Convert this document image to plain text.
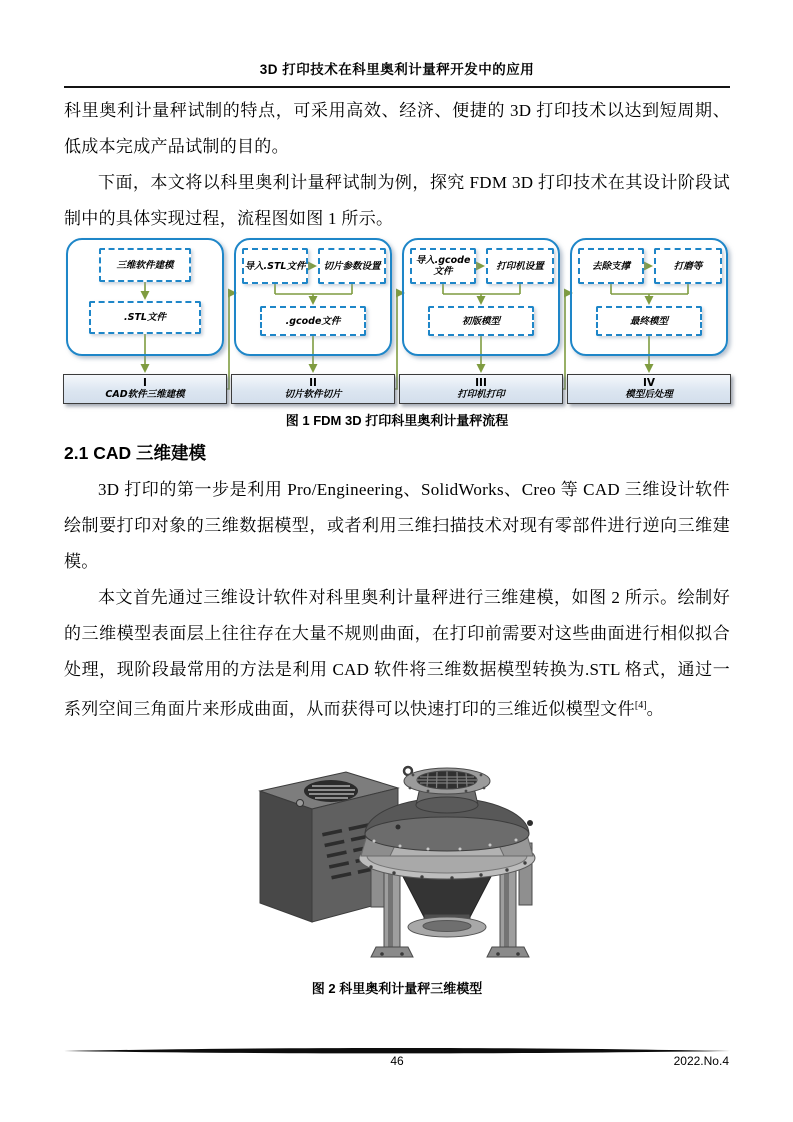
3D 打印技术在科里奥利计量秤开发中的应用

科里奥利计量秤试制的特点，可采用高效、经济、便捷的 3D 打印技术以达到短周期、低成本完成产品试制的目的。

下面，本文将以科里奥利计量秤试制为例，探究 FDM 3D 打印技术在其设计阶段试制中的具体实现过程，流程图如图 1 所示。

三维软件建模
.STL文件
I
CAD软件三维建模
导入.STL文件	切片参数设置
.gcode文件
II
切片软件切片
导入.gcode文件	打印机设置
初版模型
III
打印机打印
去除支撑	打磨等
最终模型
IV
模型后处理
图 1 FDM 3D 打印科里奥利计量秤流程
2.1 CAD 三维建模

3D 打印的第一步是利用 Pro/Engineering、SolidWorks、Creo 等 CAD 三维设计软件绘制要打印对象的三维数据模型，或者利用三维扫描技术对现有零部件进行逆向三维建模。

本文首先通过三维设计软件对科里奥利计量秤进行三维建模，如图 2 所示。绘制好的三维模型表面层上往往存在大量不规则曲面，在打印前需要对这些曲面进行相似拟合处理，现阶段最常用的方法是利用 CAD 软件将三维数据模型转换为.STL 格式，通过一系列空间三角面片来形成曲面，从而获得可以快速打印的三维近似模型文件[4]。

图 2 科里奥利计量秤三维模型
46	2022.No.4
